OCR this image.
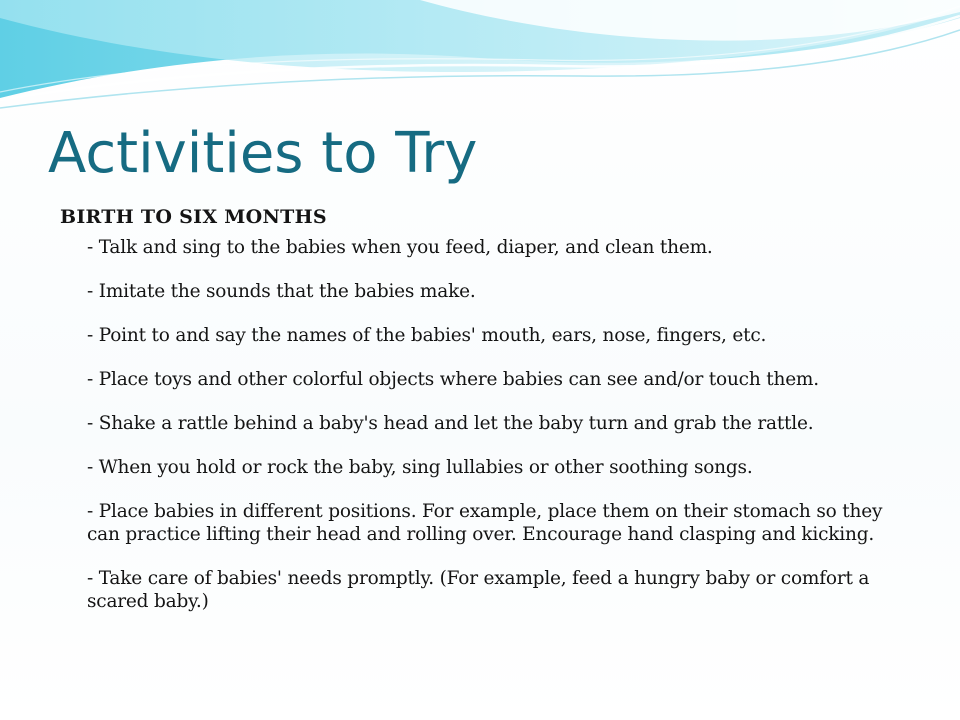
Activities to Try

BIRTH TO SIX MONTHS

- Talk and sing to the babies when you feed, diaper, and clean them.
- Imitate the sounds that the babies make.
- Point to and say the names of the babies' mouth, ears, nose, fingers, etc.
- Place toys and other colorful objects where babies can see and/or touch them.
- Shake a rattle behind a baby's head and let the baby turn and grab the rattle.
- When you hold or rock the baby, sing lullabies or other soothing songs.
- Place babies in different positions. For example, place them on their stomach so they can practice lifting their head and rolling over. Encourage hand clasping and kicking.
- Take care of babies' needs promptly. (For example, feed a hungry baby or comfort a scared baby.)
